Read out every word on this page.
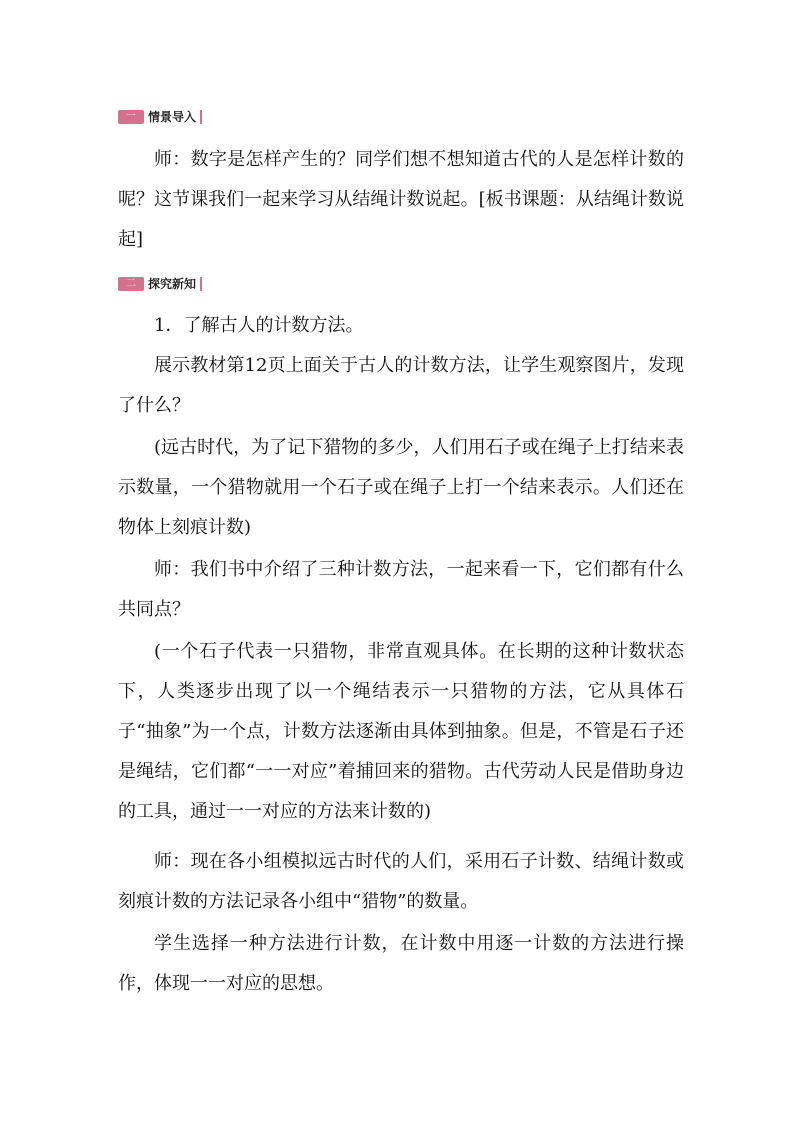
一	情景导入

师：数字是怎样产生的？同学们想不想知道古代的人是怎样计数的呢？这节课我们一起来学习从结绳计数说起。[板书课题：从结绳计数说起]

二	探究新知

1．了解古人的计数方法。

展示教材第12页上面关于古人的计数方法，让学生观察图片，发现了什么？

(远古时代，为了记下猎物的多少，人们用石子或在绳子上打结来表示数量，一个猎物就用一个石子或在绳子上打一个结来表示。人们还在物体上刻痕计数)

师：我们书中介绍了三种计数方法，一起来看一下，它们都有什么共同点？

(一个石子代表一只猎物，非常直观具体。在长期的这种计数状态下，人类逐步出现了以一个绳结表示一只猎物的方法，它从具体石子“抽象”为一个点，计数方法逐渐由具体到抽象。但是，不管是石子还是绳结，它们都“一一对应”着捕回来的猎物。古代劳动人民是借助身边的工具，通过一一对应的方法来计数的)

师：现在各小组模拟远古时代的人们，采用石子计数、结绳计数或刻痕计数的方法记录各小组中“猎物”的数量。

学生选择一种方法进行计数，在计数中用逐一计数的方法进行操作，体现一一对应的思想。
